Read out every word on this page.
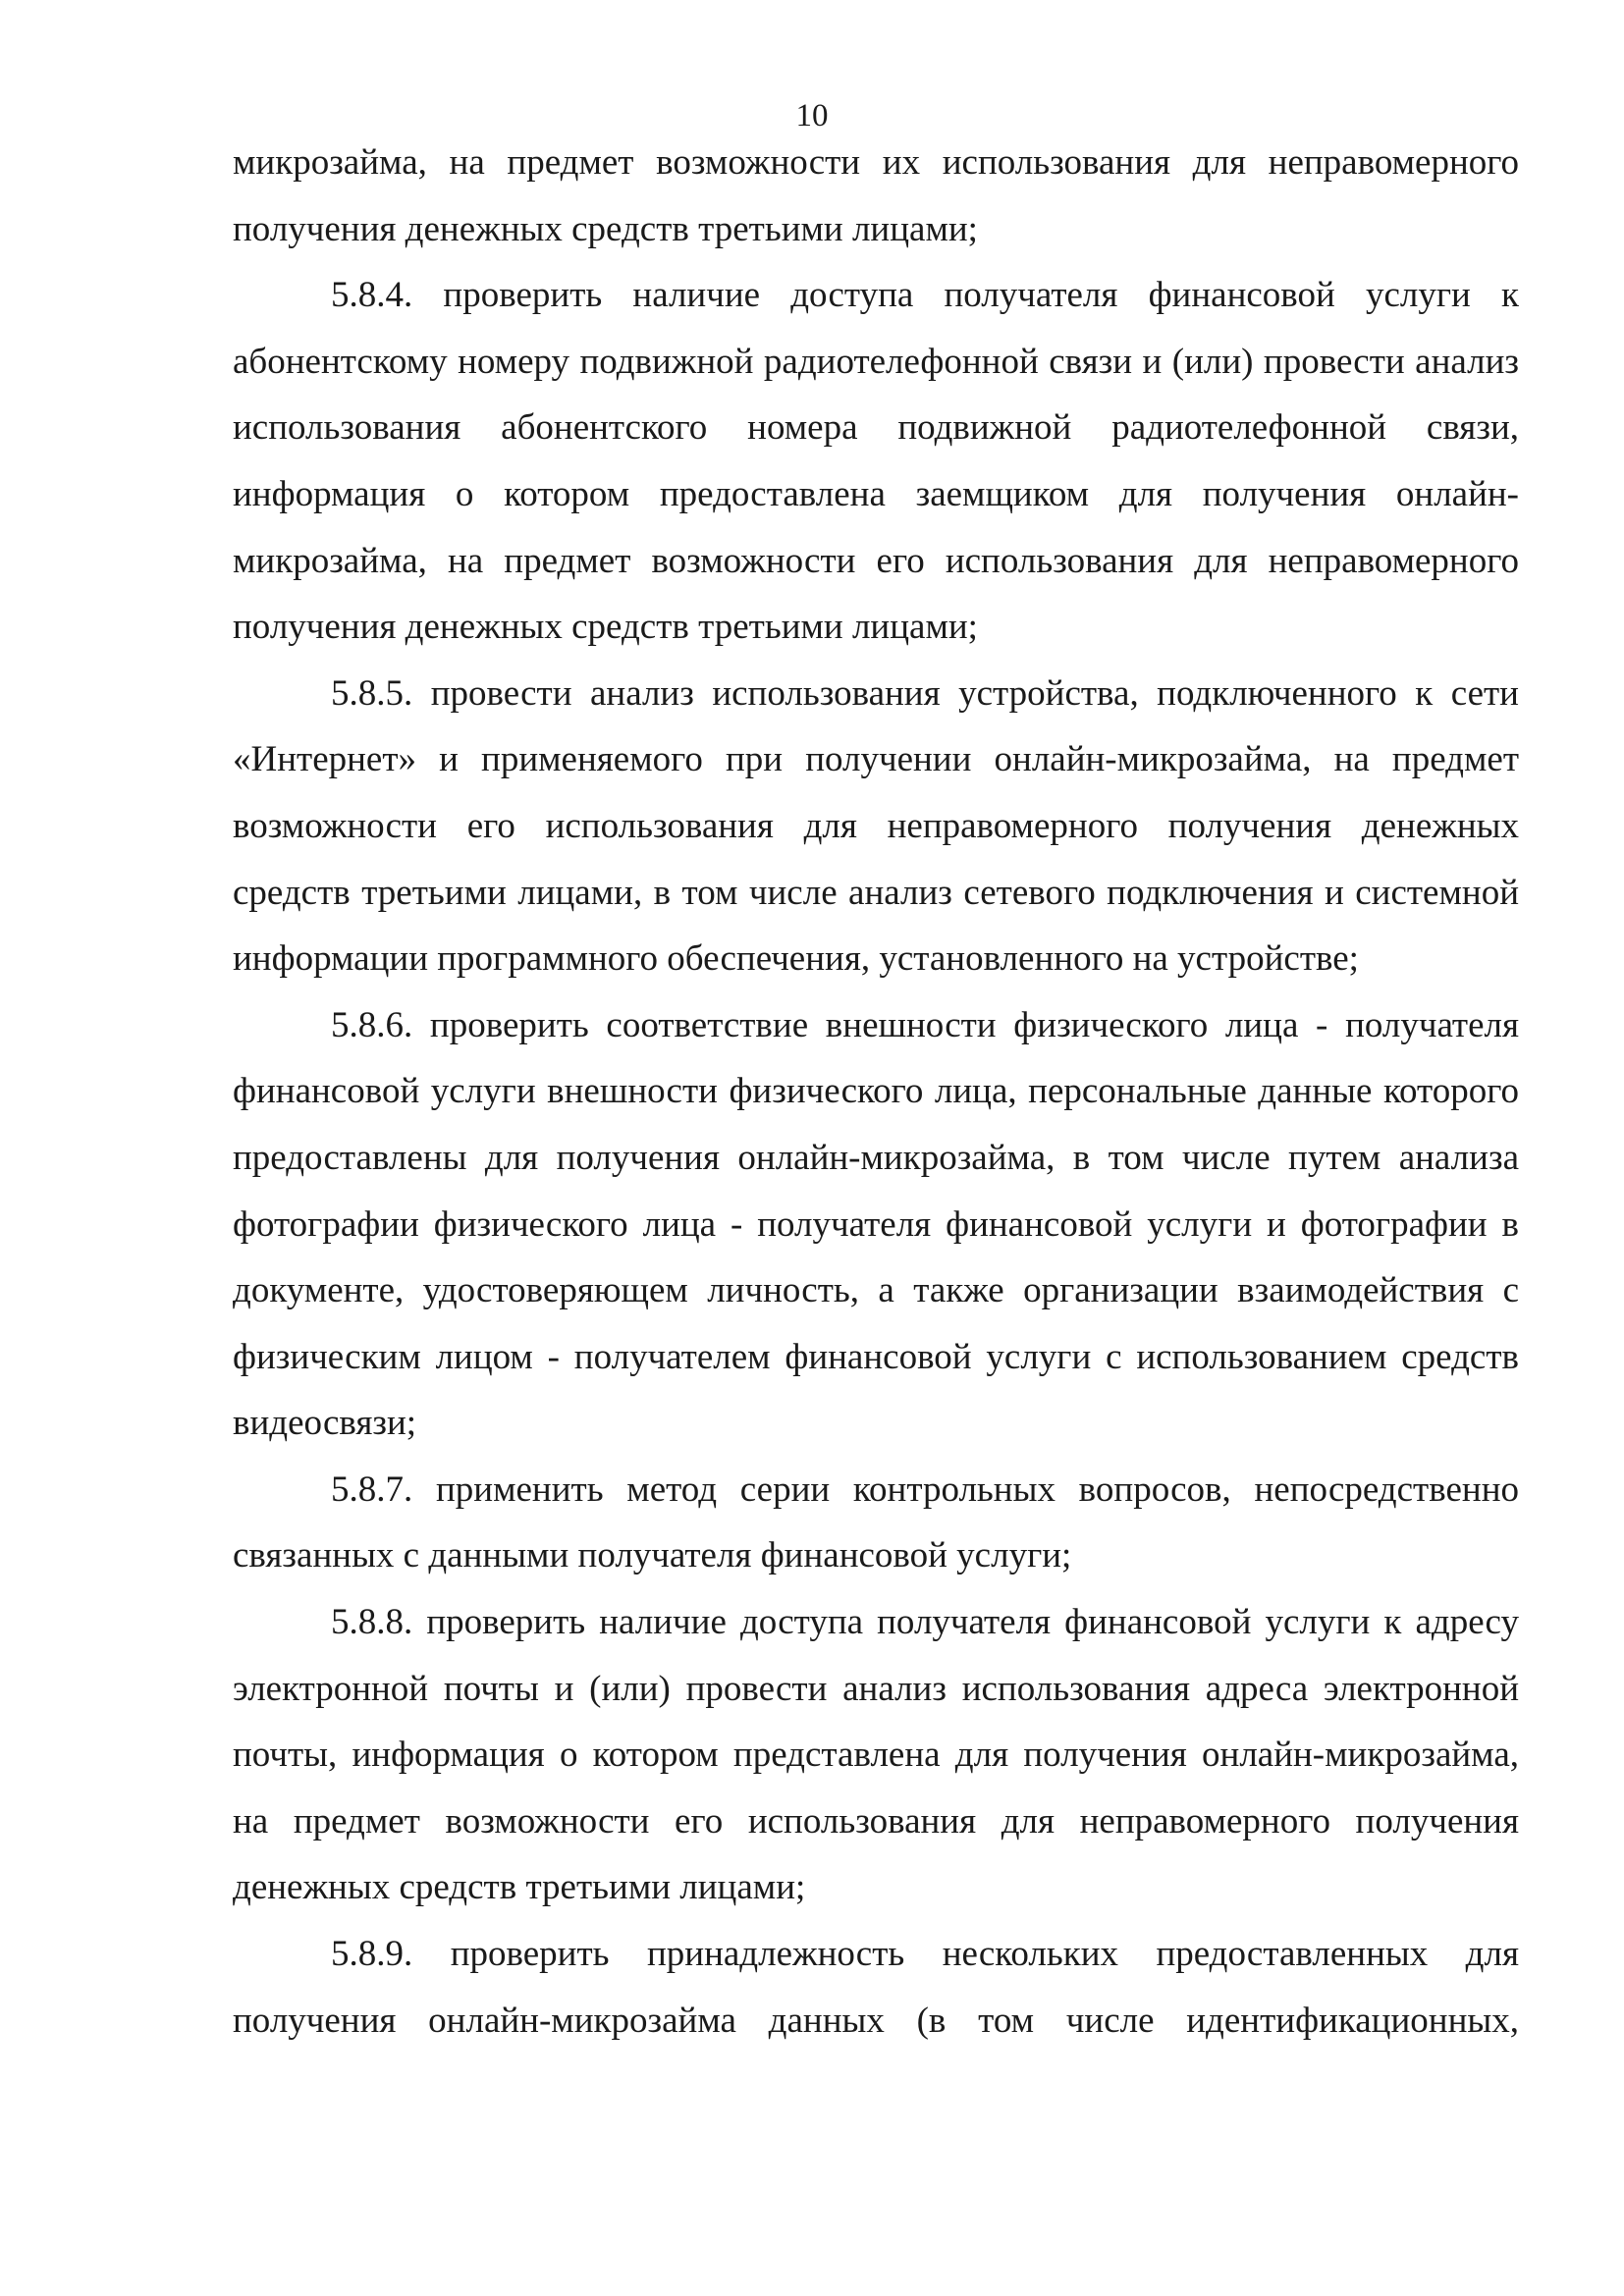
10

микрозайма, на предмет возможности их использования для неправомерного получения денежных средств третьими лицами;

5.8.4. проверить наличие доступа получателя финансовой услуги к абонентскому номеру подвижной радиотелефонной связи и (или) провести анализ использования абонентского номера подвижной радиотелефонной связи, информация о котором предоставлена заемщиком для получения онлайн-микрозайма, на предмет возможности его использования для неправомерного получения денежных средств третьими лицами;

5.8.5. провести анализ использования устройства, подключенного к сети «Интернет» и применяемого при получении онлайн-микрозайма, на предмет возможности его использования для неправомерного получения денежных средств третьими лицами, в том числе анализ сетевого подключения и системной информации программного обеспечения, установленного на устройстве;

5.8.6. проверить соответствие внешности физического лица - получателя финансовой услуги внешности физического лица, персональные данные которого предоставлены для получения онлайн-микрозайма, в том числе путем анализа фотографии физического лица - получателя финансовой услуги и фотографии в документе, удостоверяющем личность, а также организации взаимодействия с физическим лицом - получателем финансовой услуги с использованием средств видеосвязи;

5.8.7. применить метод серии контрольных вопросов, непосредственно связанных с данными получателя финансовой услуги;

5.8.8. проверить наличие доступа получателя финансовой услуги к адресу электронной почты и (или) провести анализ использования адреса электронной почты, информация о котором представлена для получения онлайн-микрозайма, на предмет возможности его использования для неправомерного получения денежных средств третьими лицами;

5.8.9. проверить принадлежность нескольких предоставленных для получения онлайн-микрозайма данных (в том числе идентификационных,
